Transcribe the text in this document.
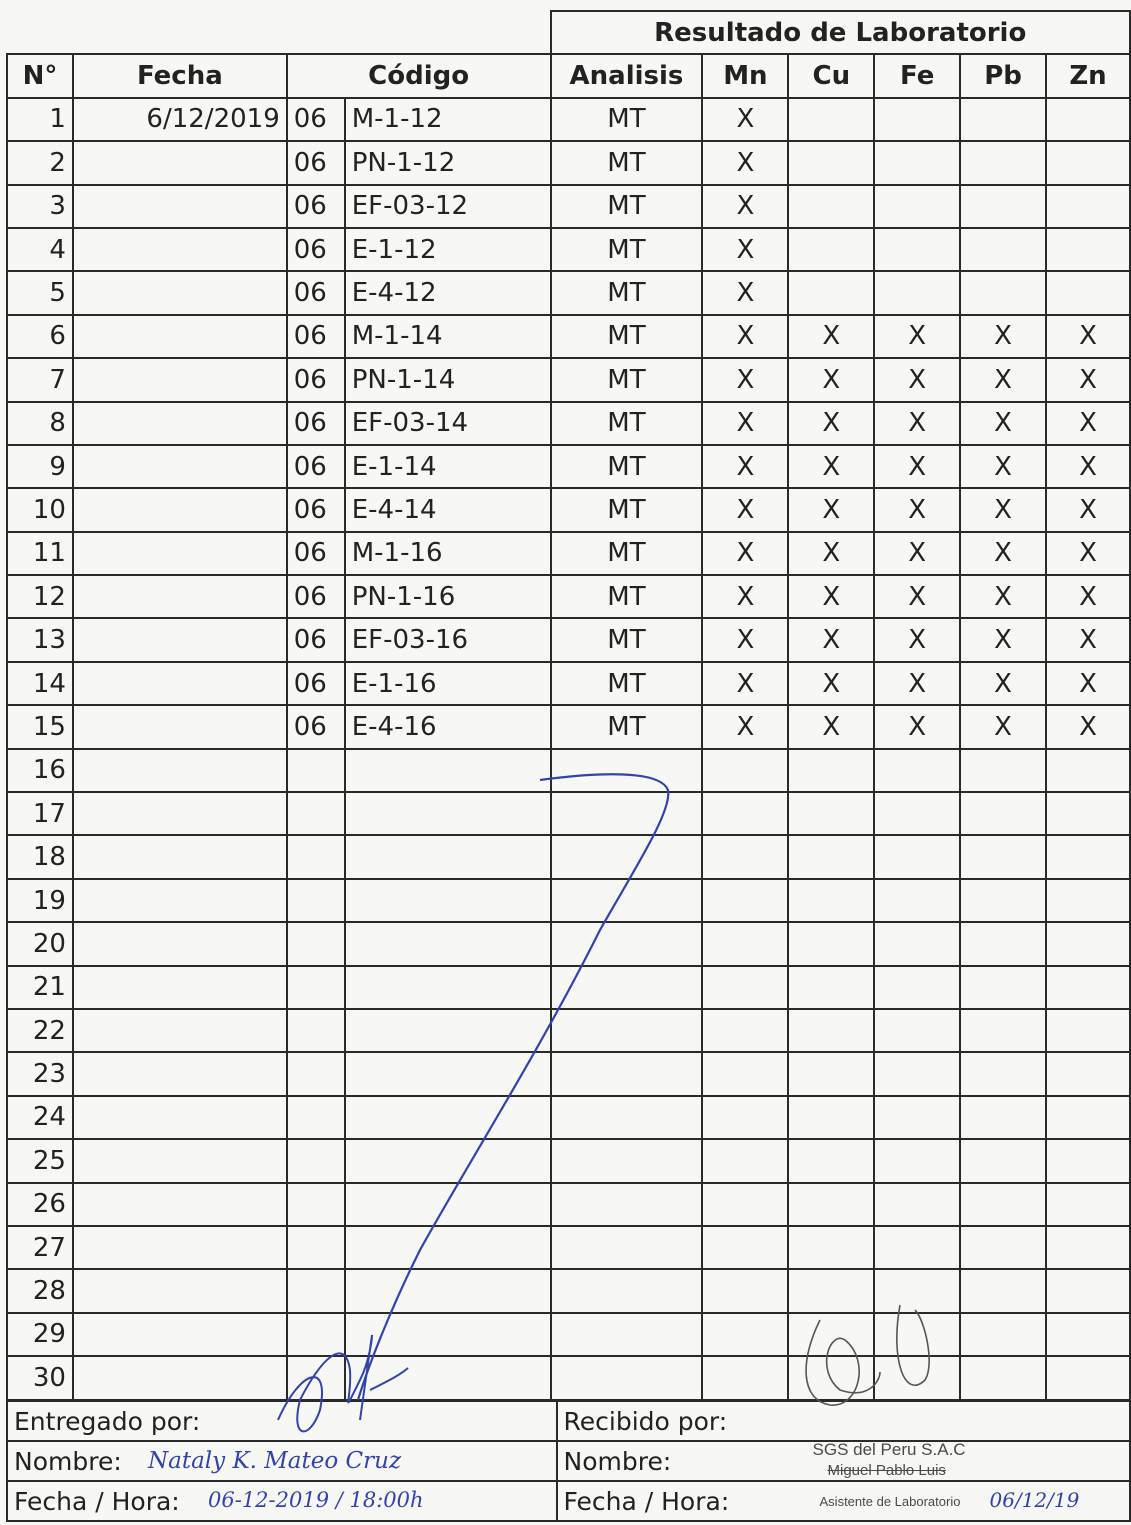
				Resultado de Laboratorio					
N°	Fecha	Código		Analisis	Mn	Cu	Fe	Pb	Zn
1	6/12/2019	06	M-1-12	MT	X				
2		06	PN-1-12	MT	X				
3		06	EF-03-12	MT	X				
4		06	E-1-12	MT	X				
5		06	E-4-12	MT	X				
6		06	M-1-14	MT	X	X	X	X	X
7		06	PN-1-14	MT	X	X	X	X	X
8		06	EF-03-14	MT	X	X	X	X	X
9		06	E-1-14	MT	X	X	X	X	X
10		06	E-4-14	MT	X	X	X	X	X
11		06	M-1-16	MT	X	X	X	X	X
12		06	PN-1-16	MT	X	X	X	X	X
13		06	EF-03-16	MT	X	X	X	X	X
14		06	E-1-16	MT	X	X	X	X	X
15		06	E-4-16	MT	X	X	X	X	X
16									
17									
18									
19									
20									
21									
22									
23									
24									
25									
26									
27									
28									
29									
30									
Entregado por:	Recibido por:
Nombre: Nataly K. Mateo Cruz	Nombre: SGS del Peru S.A.C
Miguel Pablo Luis

Fecha / Hora: 06-12-2019 / 18:00h	Fecha / Hora: Asistente de Laboratorio 06/12/19
